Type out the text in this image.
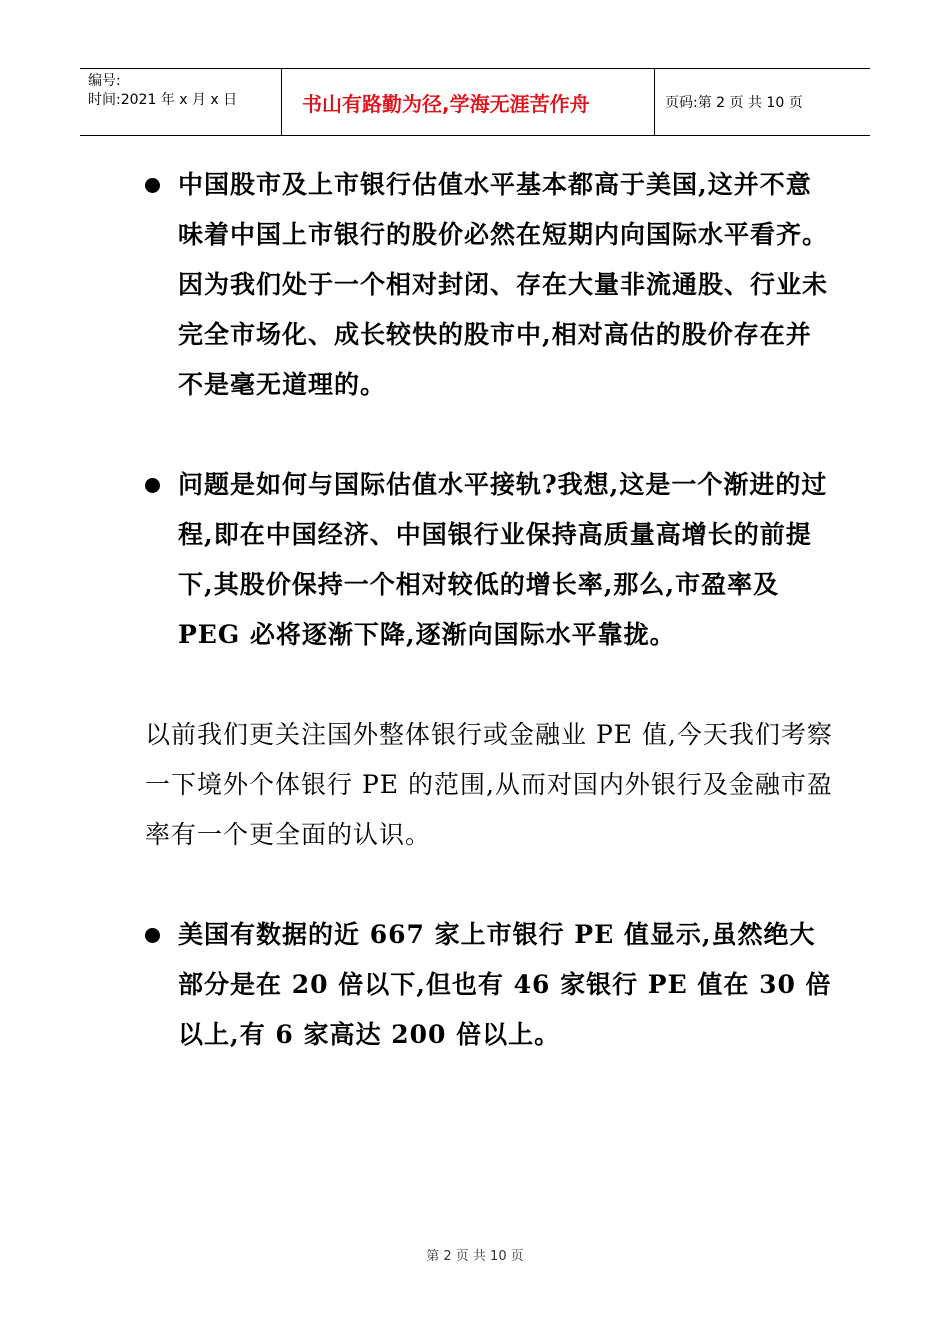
编号:
时间:2021 年 x 月 x 日	书山有路勤为径,学海无涯苦作舟	页码:第 2 页 共 10 页
中国股市及上市银行估值水平基本都高于美国,这并不意味着中国上市银行的股价必然在短期内向国际水平看齐。因为我们处于一个相对封闭、存在大量非流通股、行业未完全市场化、成长较快的股市中,相对高估的股价存在并不是毫无道理的。
问题是如何与国际估值水平接轨?我想,这是一个渐进的过程,即在中国经济、中国银行业保持高质量高增长的前提下,其股价保持一个相对较低的增长率,那么,市盈率及 PEG 必将逐渐下降,逐渐向国际水平靠拢。
以前我们更关注国外整体银行或金融业 PE 值,今天我们考察一下境外个体银行 PE 的范围,从而对国内外银行及金融市盈率有一个更全面的认识。
美国有数据的近 667 家上市银行 PE 值显示,虽然绝大部分是在 20 倍以下,但也有 46 家银行 PE 值在 30 倍以上,有 6 家高达 200 倍以上。
第 2 页 共 10 页
